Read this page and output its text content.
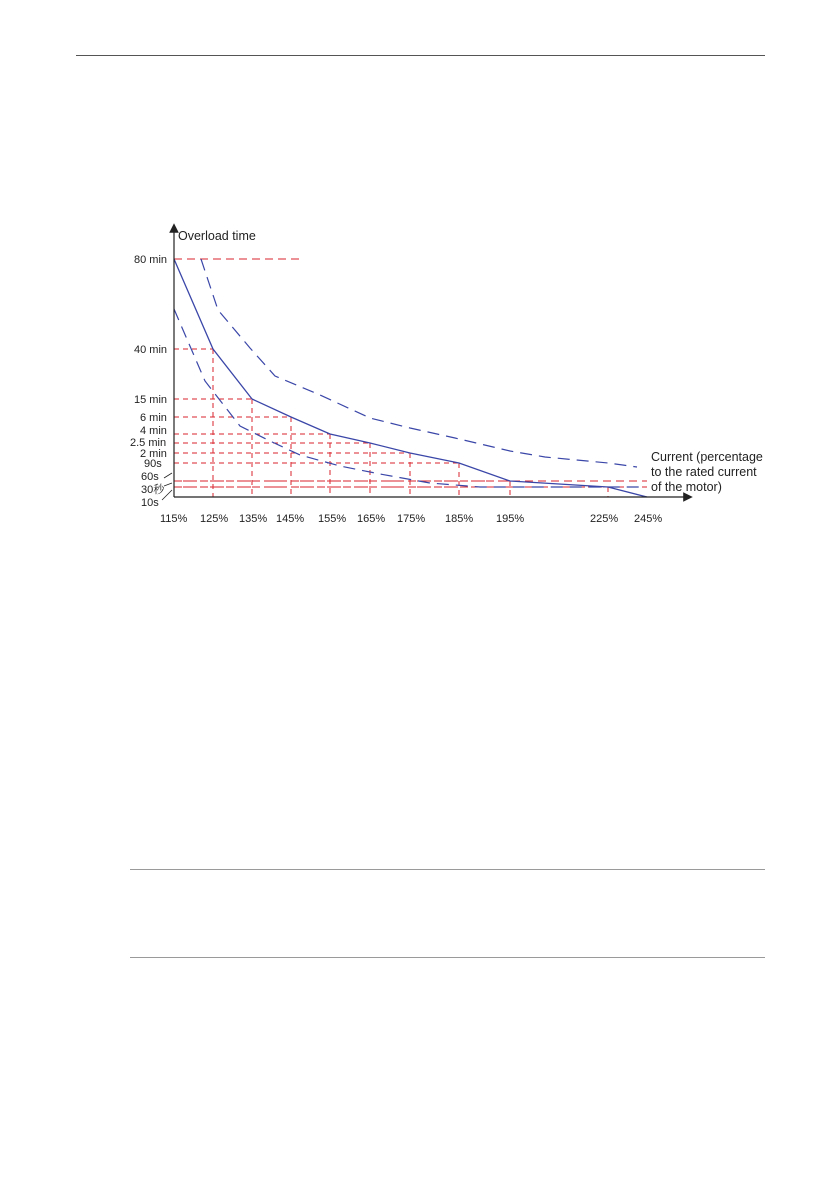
Overload time
Current (percentage
to the rated current
of the motor)
115% 125% 135% 145% 155% 165% 175% 185% 195%	225% 245%
80 min
40 min
15 min
6 min
4 min
2.5 min
2 min
90s
60s
30秒
10s
